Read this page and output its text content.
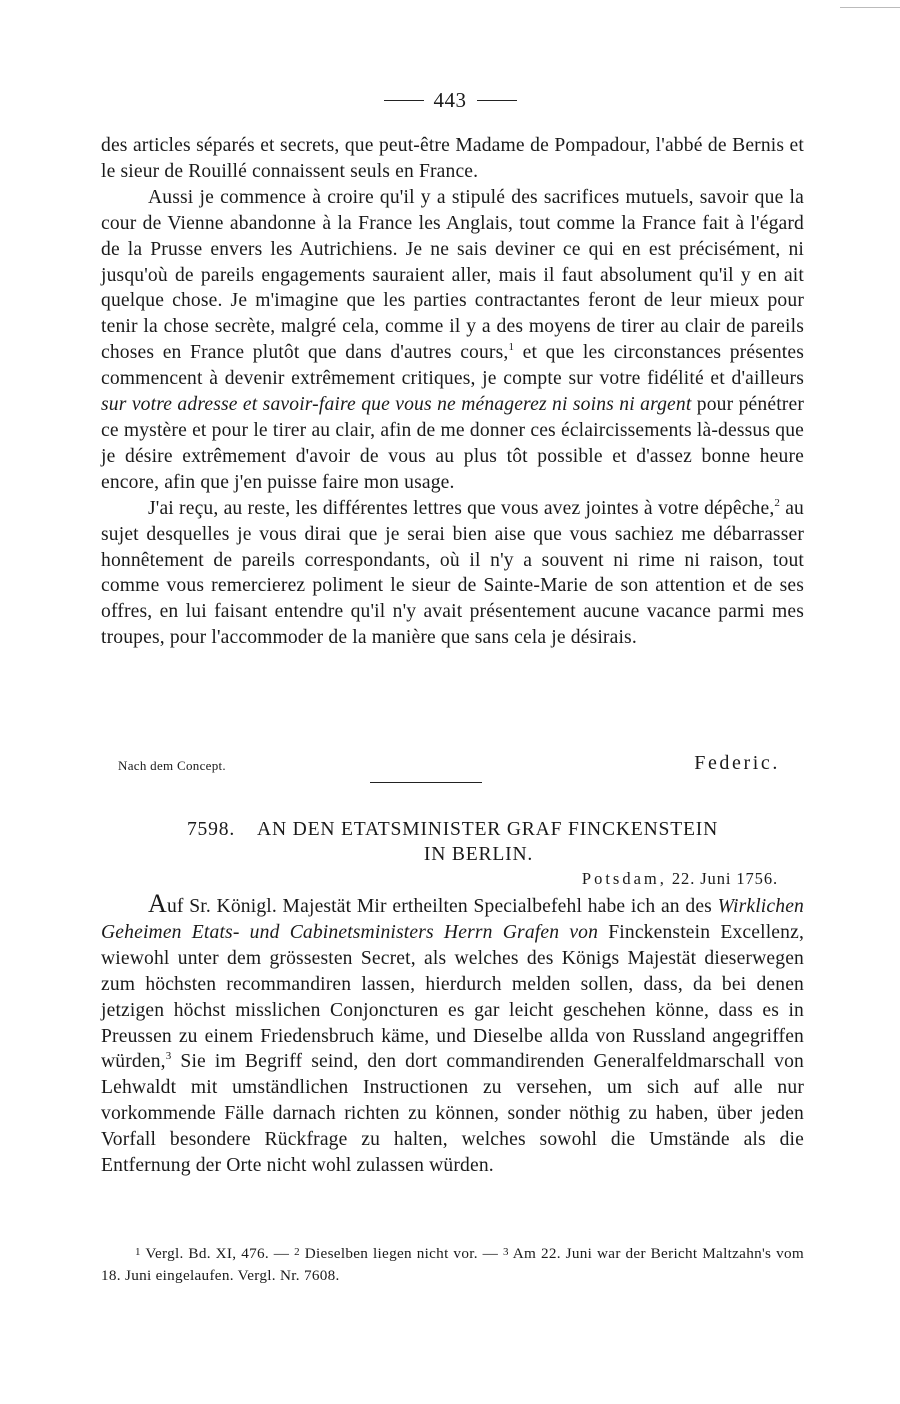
443

des articles séparés et secrets, que peut-être Madame de Pompadour, l'abbé de Bernis et le sieur de Rouillé connaissent seuls en France.

Aussi je commence à croire qu'il y a stipulé des sacrifices mutuels, savoir que la cour de Vienne abandonne à la France les Anglais, tout comme la France fait à l'égard de la Prusse envers les Autrichiens. Je ne sais deviner ce qui en est précisément, ni jusqu'où de pareils engagements sauraient aller, mais il faut absolument qu'il y en ait quelque chose. Je m'imagine que les parties contractantes feront de leur mieux pour tenir la chose secrète, malgré cela, comme il y a des moyens de tirer au clair de pareils choses en France plutôt que dans d'autres cours,$^1$ et que les circonstances présentes commencent à devenir extrêmement critiques, je compte sur votre fidélité et d'ailleurs sur votre adresse et savoir-faire que vous ne ménagerez ni soins ni argent pour pénétrer ce mystère et pour le tirer au clair, afin de me donner ces éclaircissements là-dessus que je désire extrêmement d'avoir de vous au plus tôt possible et d'assez bonne heure encore, afin que j'en puisse faire mon usage.

J'ai reçu, au reste, les différentes lettres que vous avez jointes à votre dépêche,$^2$ au sujet desquelles je vous dirai que je serai bien aise que vous sachiez me débarrasser honnêtement de pareils correspondants, où il n'y a souvent ni rime ni raison, tout comme vous remercierez poliment le sieur de Sainte-Marie de son attention et de ses offres, en lui faisant entendre qu'il n'y avait présentement aucune vacance parmi mes troupes, pour l'accommoder de la manière que sans cela je désirais.

Nach dem Concept.	Federic.
7598. AN DEN ETATSMINISTER GRAF FINCKENSTEIN
IN BERLIN.
Potsdam, 22. Juni 1756.

Auf Sr. Königl. Majestät Mir ertheilten Specialbefehl habe ich an des Wirklichen Geheimen Etats- und Cabinetsministers Herrn Grafen von Finckenstein Excellenz, wiewohl unter dem grössesten Secret, als welches des Königs Majestät dieserwegen zum höchsten recommandiren lassen, hierdurch melden sollen, dass, da bei denen jetzigen höchst misslichen Conjoncturen es gar leicht geschehen könne, dass es in Preussen zu einem Friedensbruch käme, und Dieselbe allda von Russland angegriffen würden,$^3$ Sie im Begriff seind, den dort commandirenden Generalfeldmarschall von Lehwaldt mit umständlichen Instructionen zu versehen, um sich auf alle nur vorkommende Fälle darnach richten zu können, sonder nöthig zu haben, über jeden Vorfall besondere Rückfrage zu halten, welches sowohl die Umstände als die Entfernung der Orte nicht wohl zulassen würden.

1 Vergl. Bd. XI, 476. — 2 Dieselben liegen nicht vor. — 3 Am 22. Juni war der Bericht Maltzahn's vom 18. Juni eingelaufen. Vergl. Nr. 7608.
